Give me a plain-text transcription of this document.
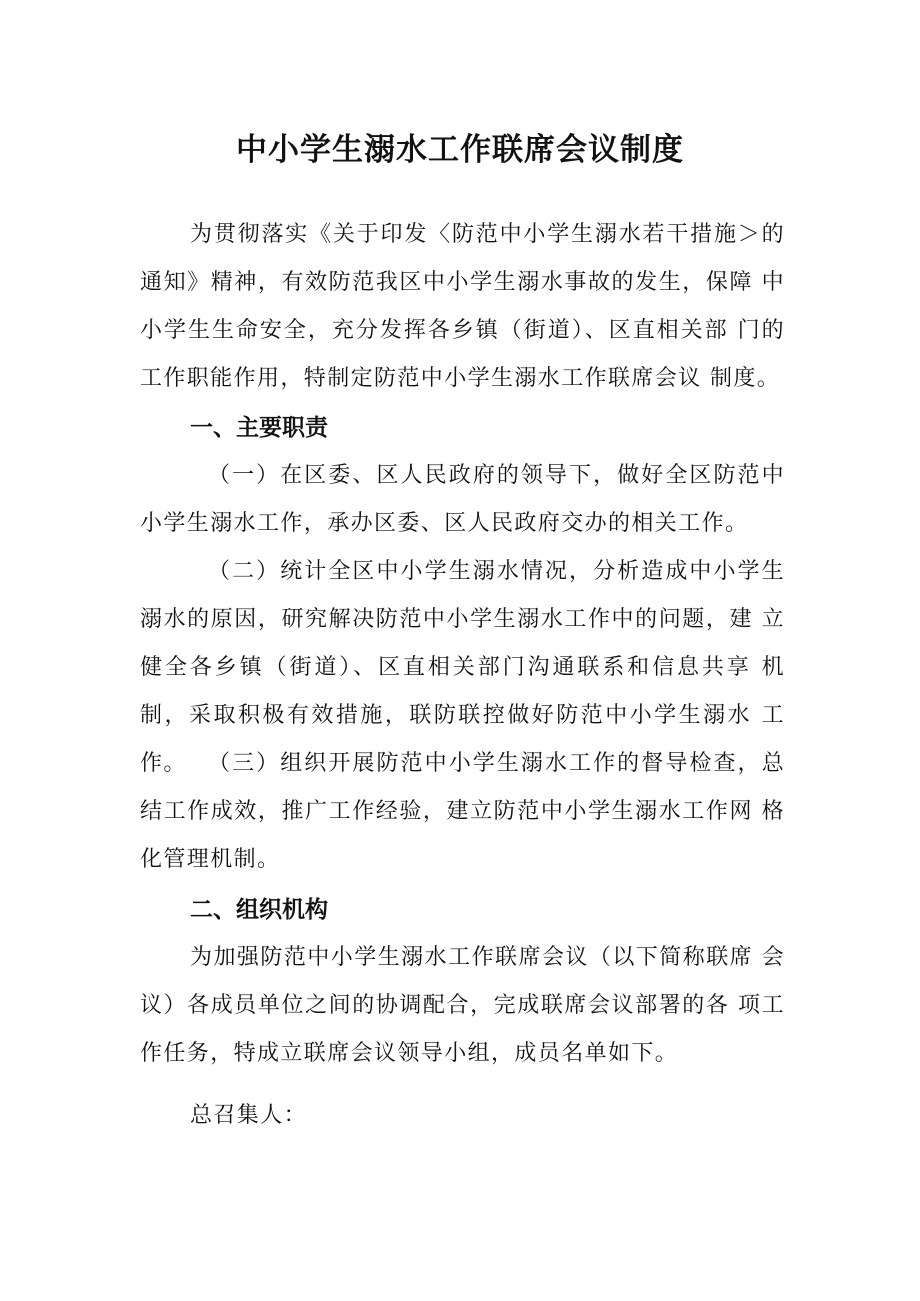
中小学生溺水工作联席会议制度

为贯彻落实《关于印发〈防范中小学生溺水若干措施＞的通知》精神，有效防范我区中小学生溺水事故的发生，保障 中小学生生命安全，充分发挥各乡镇（街道）、区直相关部 门的工作职能作用，特制定防范中小学生溺水工作联席会议 制度。

一、主要职责

（一）在区委、区人民政府的领导下，做好全区防范中 小学生溺水工作，承办区委、区人民政府交办的相关工作。

（二）统计全区中小学生溺水情况，分析造成中小学生 溺水的原因，研究解决防范中小学生溺水工作中的问题，建 立健全各乡镇（街道）、区直相关部门沟通联系和信息共享 机制，采取积极有效措施，联防联控做好防范中小学生溺水 工作。 （三）组织开展防范中小学生溺水工作的督导检查，总 结工作成效，推广工作经验，建立防范中小学生溺水工作网 格化管理机制。

二、组织机构

为加强防范中小学生溺水工作联席会议（以下简称联席 会议）各成员单位之间的协调配合，完成联席会议部署的各 项工作任务，特成立联席会议领导小组，成员名单如下。

总召集人：
